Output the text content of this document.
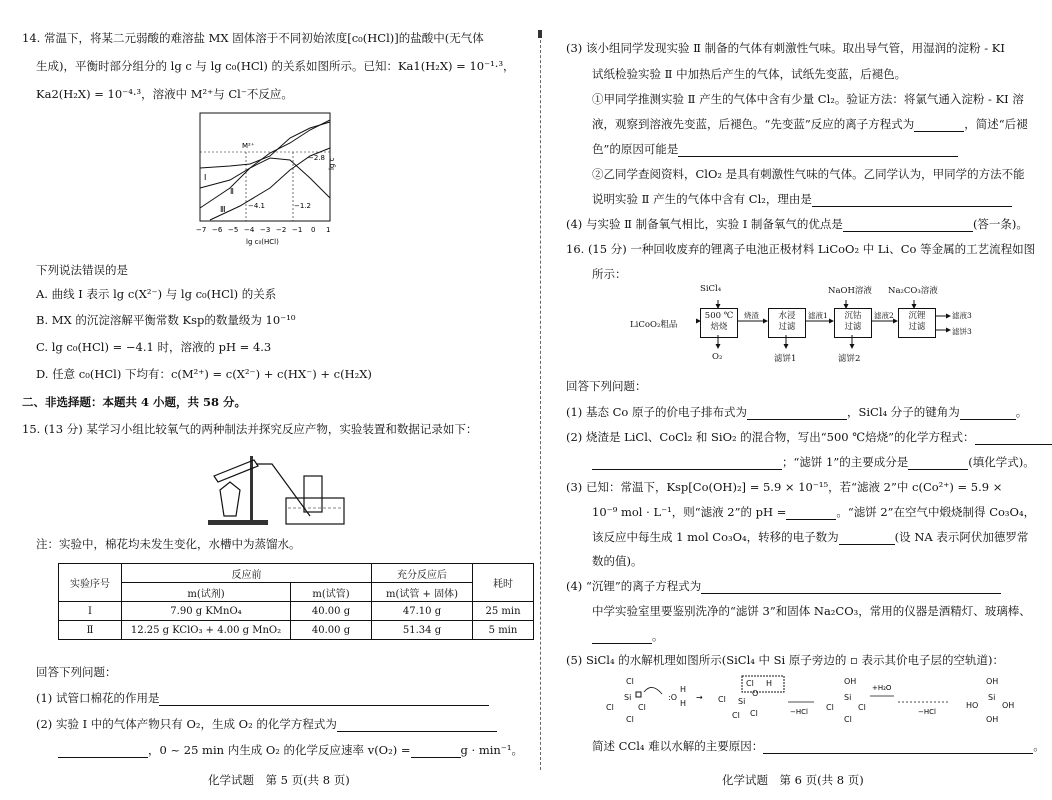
14. 常温下，将某二元弱酸的难溶盐 MX 固体溶于不同初始浓度[c₀(HCl)]的盐酸中(无气体
生成)，平衡时部分组分的 lg c 与 lg c₀(HCl) 的关系如图所示。已知：Ka1(H₂X) = 10⁻¹·³，
Ka2(H₂X) = 10⁻⁴·³，溶液中 M²⁺与 Cl⁻不反应。
M²⁺
Ⅰ
Ⅱ
Ⅲ
−2.8
−4.1	−1.2
lg c
−7 −6 −5 −4 −3 −2 −1 0 1
lg c₀(HCl)
下列说法错误的是
A. 曲线 Ⅰ 表示 lg c(X²⁻) 与 lg c₀(HCl) 的关系
B. MX 的沉淀溶解平衡常数 Ksp的数量级为 10⁻¹⁰
C. lg c₀(HCl) = −4.1 时，溶液的 pH = 4.3
D. 任意 c₀(HCl) 下均有：c(M²⁺) = c(X²⁻) + c(HX⁻) + c(H₂X)
二、非选择题：本题共 4 小题，共 58 分。
15. (13 分) 某学习小组比较氧气的两种制法并探究反应产物，实验装置和数据记录如下：
注：实验中，棉花均未发生变化，水槽中为蒸馏水。
实验序号	反应前		充分反应后	耗时
	m(试剂)	m(试管)	m(试管 + 固体)	
Ⅰ	7.90 g KMnO₄	40.00 g	47.10 g	25 min
Ⅱ	12.25 g KClO₃ + 4.00 g MnO₂	40.00 g	51.34 g	5 min
回答下列问题：
(1) 试管口棉花的作用是
(2) 实验 Ⅰ 中的气体产物只有 O₂，生成 O₂ 的化学方程式为
，0 ~ 25 min 内生成 O₂ 的化学反应速率 v(O₂) =	g · min⁻¹。
化学试题　第 5 页(共 8 页)
(3) 该小组同学发现实验 Ⅱ 制备的气体有刺激性气味。取出导气管，用湿润的淀粉 - KI
试纸检验实验 Ⅱ 中加热后产生的气体，试纸先变蓝，后褪色。
①甲同学推测实验 Ⅱ 产生的气体中含有少量 Cl₂。验证方法：将氯气通入淀粉 - KI 溶
液，观察到溶液先变蓝，后褪色。“先变蓝”反应的离子方程式为	，简述“后褪
色”的原因可能是
②乙同学查阅资料，ClO₂ 是具有刺激性气味的气体。乙同学认为，甲同学的方法不能
说明实验 Ⅱ 产生的气体中含有 Cl₂，理由是
(4) 与实验 Ⅱ 制备氧气相比，实验 Ⅰ 制备氧气的优点是	(答一条)。
16. (15 分) 一种回收废弃的锂离子电池正极材料 LiCoO₂ 中 Li、Co 等金属的工艺流程如图
所示：
SiCl₄	NaOH溶液 Na₂CO₃溶液
LiCoO₂粗品
500 ℃
焙烧
烧渣	水浸
过滤
滤液1	沉钴
过滤
滤液2	沉锂
过滤
滤液3
滤饼3
O₂	滤饼1	滤饼2
回答下列问题：
(1) 基态 Co 原子的价电子排布式为	，SiCl₄ 分子的键角为	。
(2) 烧渣是 LiCl、CoCl₂ 和 SiO₂ 的混合物，写出“500 ℃焙烧”的化学方程式：
；“滤饼 1”的主要成分是	(填化学式)。
(3) 已知：常温下，Ksp[Co(OH)₂] = 5.9 × 10⁻¹⁵，若“滤液 2”中 c(Co²⁺) = 5.9 ×
10⁻⁹ mol · L⁻¹，则“滤液 2”的 pH =	。“滤饼 2”在空气中煅烧制得 Co₃O₄，
该反应中每生成 1 mol Co₃O₄，转移的电子数为	(设 NA 表示阿伏加德罗常
数的值)。
(4) “沉锂”的离子方程式为
中学实验室里要鉴别洗净的“滤饼 3”和固体 Na₂CO₃，常用的仪器是酒精灯、玻璃棒、
。
(5) SiCl₄ 的水解机理如图所示(SiCl₄ 中 Si 原子旁边的 ▫ 表示其价电子层的空轨道)：
Cl
Si
Cl	Cl
Cl
:O
H
H
→
Cl H
Cl Si
O
Cl Cl	−HCl
OH
Si
Cl	Cl
Cl
+H₂O
−HCl
OH
Si
HO	OH
OH
简述 CCl₄ 难以水解的主要原因：	。
化学试题　第 6 页(共 8 页)
